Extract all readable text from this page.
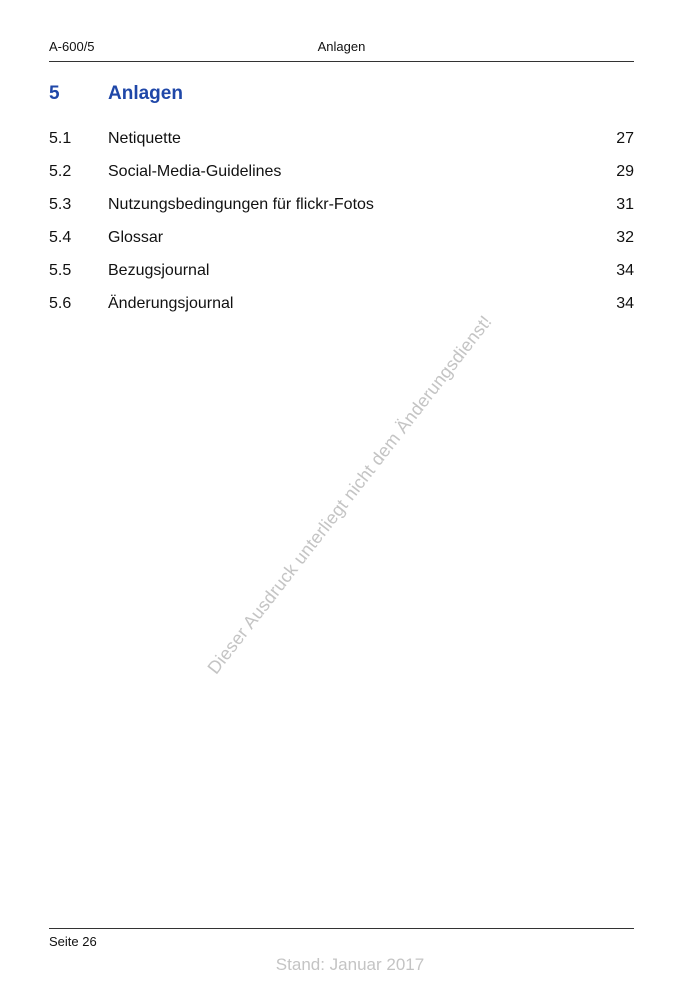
A-600/5	Anlagen
5	Anlagen
5.1 Netiquette	27
5.2 Social-Media-Guidelines	29
5.3 Nutzungsbedingungen für flickr-Fotos	31
5.4 Glossar	32
5.5 Bezugsjournal	34
5.6 Änderungsjournal	34
Dieser Ausdruck unterliegt nicht dem Änderungsdienst!
Seite 26
Stand: Januar 2017
